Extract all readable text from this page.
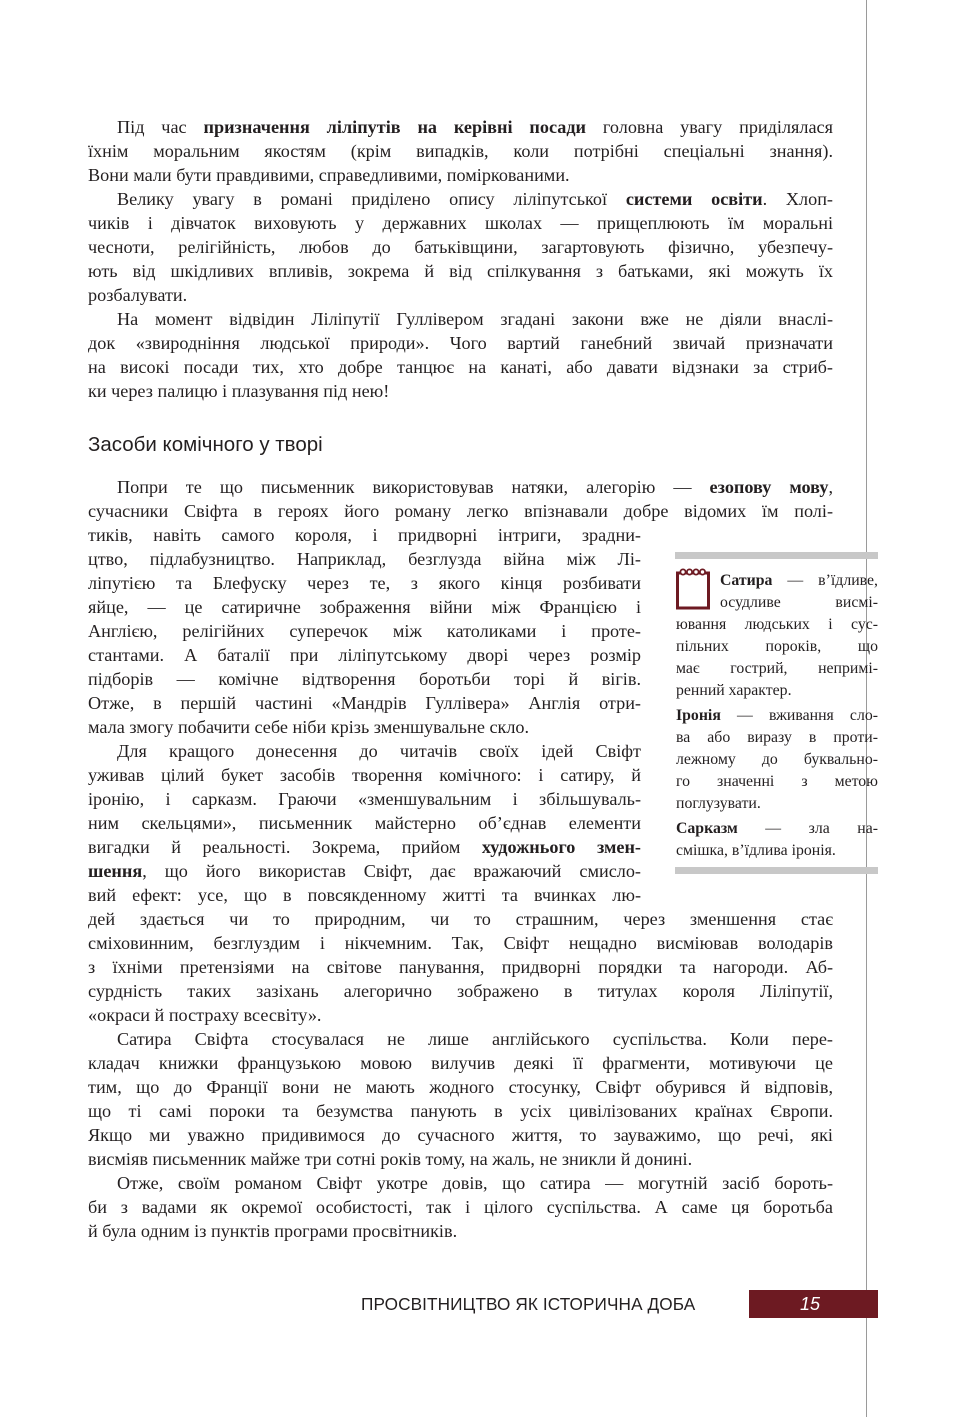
Під час призначення ліліпутів на керівні посади головна увагу приділялася
їхнім моральним якостям (крім випадків, коли потрібні спеціальні знання).
Вони мали бути правдивими, справедливими, поміркованими.
Велику увагу в романі приділено опису ліліпутської системи освіти. Хлоп-
чиків і дівчаток виховують у державних школах — прищеплюють їм моральні
чесноти, релігійність, любов до батьківщини, загартовують фізично, убезпечу-
ють від шкідливих впливів, зокрема й від спілкування з батьками, які можуть їх
розбалувати.
На момент відвідин Ліліпутії Гуллівером згадані закони вже не діяли внаслі-
док «звиродніння людської природи». Чого вартий ганебний звичай призначати
на високі посади тих, хто добре танцює на канаті, або давати відзнаки за стриб-
ки через палицю і плазування під нею!
Засоби комічного у творі
Попри те що письменник використовував натяки, алегорію — езопову мову,
сучасники Свіфта в героях його роману легко впізнавали добре відомих їм полі-
тиків, навіть самого короля, і придворні інтриги, зрадни-
цтво, підлабузництво. Наприклад, безглузда війна між Лі-
ліпутією та Блефуску через те, з якого кінця розбивати
яйце, — це сатиричне зображення війни між Францією і
Англією, релігійних суперечок між католиками і проте-
стантами. А баталії при ліліпутському дворі через розмір
підборів — комічне відтворення боротьби торі й вігів.
Отже, в першій частині «Мандрів Гуллівера» Англія отри-
мала змогу побачити себе ніби крізь зменшувальне скло.
Для кращого донесення до читачів своїх ідей Свіфт
уживав цілий букет засобів творення комічного: і сатиру, й
іронію, і сарказм. Граючи «зменшувальним і збільшуваль-
ним скельцями», письменник майстерно об’єднав елементи
вигадки й реальності. Зокрема, прийом художнього змен-
шення, що його використав Свіфт, дає вражаючий смисло-
вий ефект: усе, що в повсякденному житті та вчинках лю-
дей здається чи то природним, чи то страшним, через зменшення стає
сміховинним, безглуздим і нікчемним. Так, Свіфт нещадно висміював володарів
з їхніми претензіями на світове панування, придворні порядки та нагороди. Аб-
сурдність таких зазіхань алегорично зображено в титулах короля Ліліпутії,
«окраси й постраху всесвіту».
Сатира Свіфта стосувалася не лише англійського суспільства. Коли пере-
кладач книжки французькою мовою вилучив деякі її фрагменти, мотивуючи це
тим, що до Франції вони не мають жодного стосунку, Свіфт обурився й відповів,
що ті самі пороки та безумства панують в усіх цивілізованих країнах Європи.
Якщо ми уважно придивимося до сучасного життя, то зауважимо, що речі, які
висміяв письменник майже три сотні років тому, на жаль, не зникли й донині.
Отже, своїм романом Свіфт укотре довів, що сатира — могутній засіб бороть-
би з вадами як окремої особистості, так і цілого суспільства. А саме ця боротьба
й була одним із пунктів програми просвітників.
Сатира — в’їдливе,
осудливе висмі-
ювання людських і сус-
пільних пороків, що
має гострий, непримі-
ренний характер.
Іронія — вживання сло-
ва або виразу в проти-
лежному до буквально-
го значенні з метою
поглузувати.
Сарказм — зла на-
смішка, в’їдлива іронія.
ПРОСВІТНИЦТВО ЯК ІСТОРИЧНА ДОБА	15
